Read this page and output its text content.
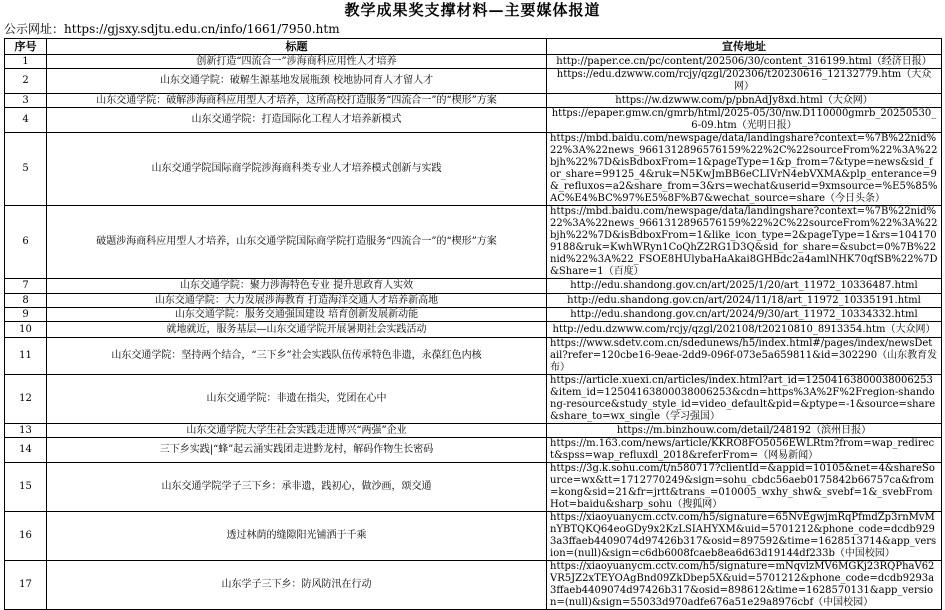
教学成果奖支撑材料—主要媒体报道
公示网址：https://gjsxy.sdjtu.edu.cn/info/1661/7950.htm
序号	标题	宣传地址
1	创新打造“四流合一”涉海商科应用性人才培养	http://paper.ce.cn/pc/content/202506/30/content_316199.html（经济日报）
2	山东交通学院：破解生源基地发展瓶颈 校地协同育人才留人才	https://edu.dzwww.com/rcjy/qzgl/202306/t20230616_12132779.htm（大众网）
3	山东交通学院：破解涉海商科应用型人才培养，这所高校打造服务“四流合一”的“楔形”方案	https://w.dzwww.com/p/pbnAdJy8xd.html（大众网）
4	山东交通学院：打造国际化工程人才培养新模式	https://epaper.gmw.cn/gmrb/html/2025-05/30/nw.D110000gmrb_20250530_6-09.htm（光明日报）
5	山东交通学院国际商学院涉海商科类专业人才培养模式创新与实践	https://mbd.baidu.com/newspage/data/landingshare?context=%7B%22nid%22%3A%22news_9661312896576159%22%2C%22sourceFrom%22%3A%22bjh%22%7D&isBdboxFrom=1&pageType=1&p_from=7&type=news&sid_for_share=99125_4&ruk=N5KwJmBB6eCLIVrN4ebVXMA&plp_enterance=9&_refluxos=a2&share_from=3&rs=wechat&userid=9xmsource=%E5%85%AC%E4%BC%97%E5%8F%B7&wechat_source=share（今日头条）
6	破题涉海商科应用型人才培养，山东交通学院国际商学院打造服务“四流合一”的“楔形”方案	https://mbd.baidu.com/newspage/data/landingshare?context=%7B%22nid%22%3A%22news_9661312896576159%22%2C%22sourceFrom%22%3A%22bjh%22%7D&isBdboxFrom=1&like_icon_type=2&pageType=1&rs=1041709188&ruk=KwhWRyn1CoQhZ2RG1D3Q&sid_for_share=&subct=0%7B%22nid%22%3A%22_FSOE8HUlybaHaAkai8GHBdc2a4amlNHK70qfSB%22%7D&Share=1（百度）
7	山东交通学院：聚力涉海特色专业 提升思政育人实效	http://edu.shandong.gov.cn/art/2025/1/20/art_11972_10336487.html
8	山东交通学院：大力发展涉海教育 打造海洋交通人才培养新高地	http://edu.shandong.gov.cn/art/2024/11/18/art_11972_10335191.html
9	山东交通学院：服务交通强国建设 培育创新发展新动能	http://edu.shandong.gov.cn/art/2024/9/30/art_11972_10334332.html
10	就地就近，服务基层—山东交通学院开展暑期社会实践活动	http://edu.dzwww.com/rcjy/qzgl/202108/t20210810_8913354.htm（大众网）
11	山东交通学院：坚持两个结合，“三下乡”社会实践队伍传承特色非遗，永葆红色内核	https://www.sdetv.com.cn/sdedunews/h5/index.html#/pages/index/newsDetail?refer=120cbe16-9eae-2dd9-096f-073e5a659811&id=302290（山东教育发布）
12	山东交通学院：非遗在指尖，党团在心中	https://article.xuexi.cn/articles/index.html?art_id=12504163800038006253&item_id=12504163800038006253&cdn=https%3A%2F%2Fregion-shandong-resource&study_style_id=video_default&pid=&ptype=-1&source=share&share_to=wx_single（学习强国）
13	山东交通学院大学生社会实践走进博兴“两强”企业	https://m.binzhouw.com/detail/248192（滨州日报）
14	三下乡实践|“蜂”起云涌实践团走进黔龙村，解码作物生长密码	https://m.163.com/news/article/KKRO8FO5056EWLRtm?from=wap_redirect&spss=wap_refluxdl_2018&referFrom=（网易新闻）
15	山东交通学院学子三下乡：承非遗，践初心，做沙画，颂交通	https://3g.k.sohu.com/t/n580717?clientId=&appid=10105&net=4&shareSource=wx&tt=1712770249&sign=sohu_cbdc56aeb0175842b66757ca&from=kong&sid=21&fr=jrtt&trans_=010005_wxhy_shw&_svebf=1&_svebFromHot=baidu&sharp_sohu（搜狐网）
16	透过林荫的缝隙阳光铺洒于千乘	https://xiaoyuanycm.cctv.com/h5/signature=65NvEgwjmRqPfmdZp3rnMvMnYBTQKQ64eoGDy9x2KzLSIAHYXM&uid=5701212&phone_code=dcdb9293a3ffaeb4409074d97426b317&osid=897592&time=1628513714&app_version=(null)&sign=c6db6008fcaeb8ea6d63d19144df233b（中国校园）
17	山东学子三下乡：防风防汛在行动	https://xiaoyuanycm.cctv.com/h5/signature=mNqvlzMV6MGKj23RQPhaV62VR5JZ2xTEYOAgBnd09ZkDbep5X&uid=5701212&phone_code=dcdb9293a3ffaeb4409074d97426b317&osid=898612&time=1628570131&app_version=(null)&sign=55033d970adfe676a51e29a8976cbf（中国校园）
